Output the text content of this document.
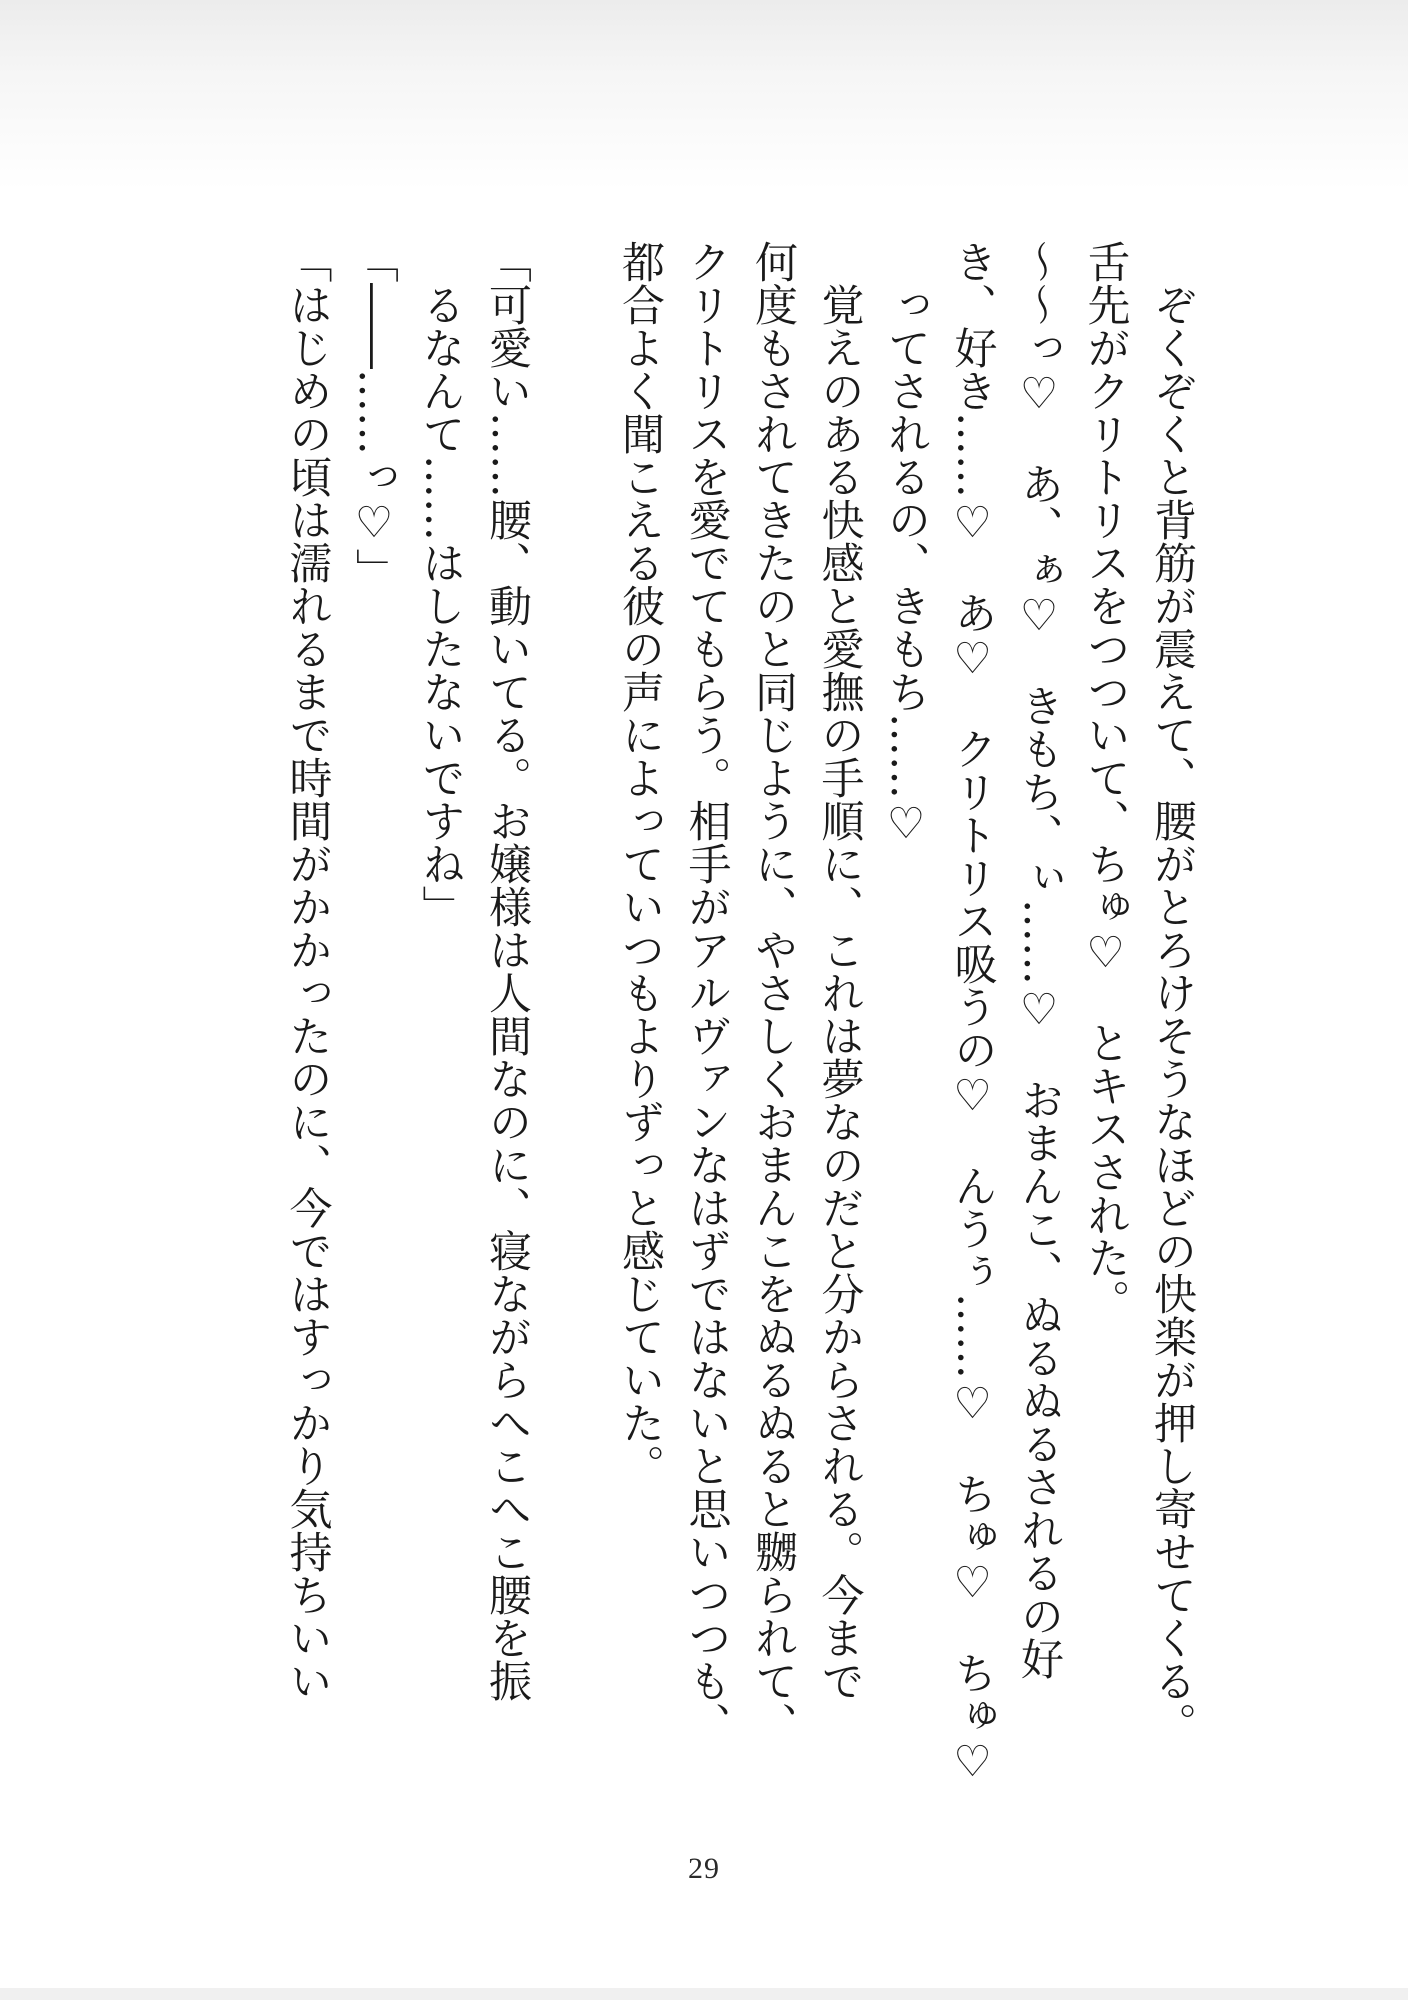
ぞくぞくと背筋が震えて、腰がとろけそうなほどの快楽が押し寄せてくる。

舌先がクリトリスをつついて、ちゅ♡　とキスされた。

〜〜っ♡　あ、ぁ♡　きもち、ぃ……♡　おまんこ、ぬるぬるされるの好

き、好き……♡　あ♡　クリトリス吸うの♡　んうぅ……♡　ちゅ♡　ちゅ♡

ってされるの、きもち……♡

覚えのある快感と愛撫の手順に、これは夢なのだと分からされる。今まで

何度もされてきたのと同じように、やさしくおまんこをぬるぬると嬲られて、

クリトリスを愛でてもらう。相手がアルヴァンなはずではないと思いつつも、

都合よく聞こえる彼の声によっていつもよりずっと感じていた。

「可愛い……腰、動いてる。お嬢様は人間なのに、寝ながらへこへこ腰を振

るなんて……はしたないですね」

「――……っ♡」

「はじめの頃は濡れるまで時間がかかったのに、今ではすっかり気持ちいい

29
